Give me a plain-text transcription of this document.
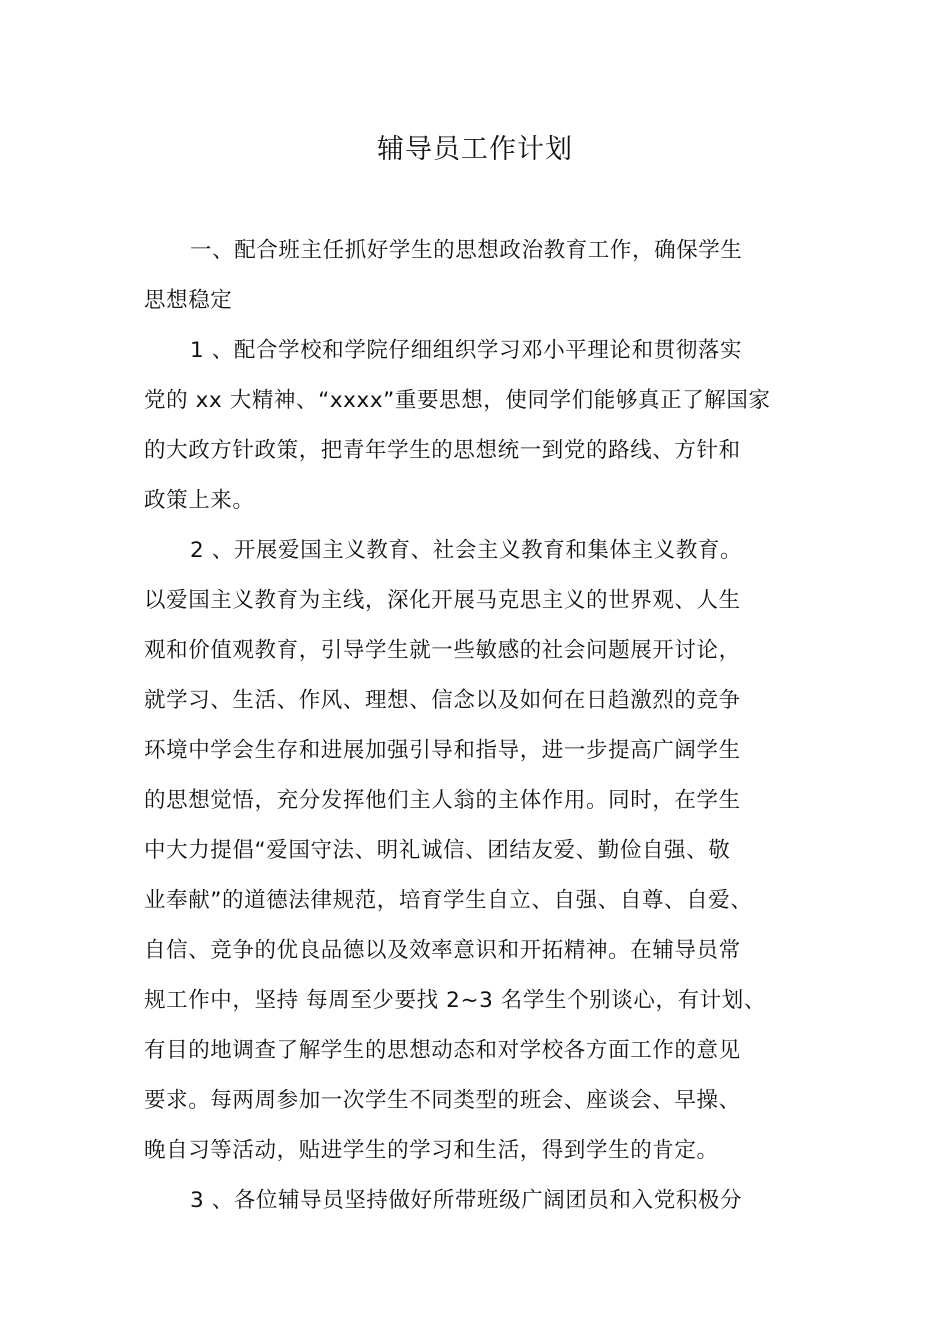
辅导员工作计划
一、配合班主任抓好学生的思想政治教育工作，确保学生
思想稳定
1 、配合学校和学院仔细组织学习邓小平理论和贯彻落实
党的 xx 大精神、“xxxx”重要思想，使同学们能够真正了解国家
的大政方针政策，把青年学生的思想统一到党的路线、方针和
政策上来。
2 、开展爱国主义教育、社会主义教育和集体主义教育。
以爱国主义教育为主线，深化开展马克思主义的世界观、人生
观和价值观教育，引导学生就一些敏感的社会问题展开讨论，
就学习、生活、作风、理想、信念以及如何在日趋激烈的竞争
环境中学会生存和进展加强引导和指导，进一步提高广阔学生
的思想觉悟，充分发挥他们主人翁的主体作用。同时，在学生
中大力提倡“爱国守法、明礼诚信、团结友爱、勤俭自强、敬
业奉献”的道德法律规范，培育学生自立、自强、自尊、自爱、
自信、竞争的优良品德以及效率意识和开拓精神。在辅导员常
规工作中，坚持 每周至少要找 2~3 名学生个别谈心，有计划、
有目的地调查了解学生的思想动态和对学校各方面工作的意见
要求。每两周参加一次学生不同类型的班会、座谈会、早操、
晚自习等活动，贴进学生的学习和生活，得到学生的肯定。
3 、各位辅导员坚持做好所带班级广阔团员和入党积极分
